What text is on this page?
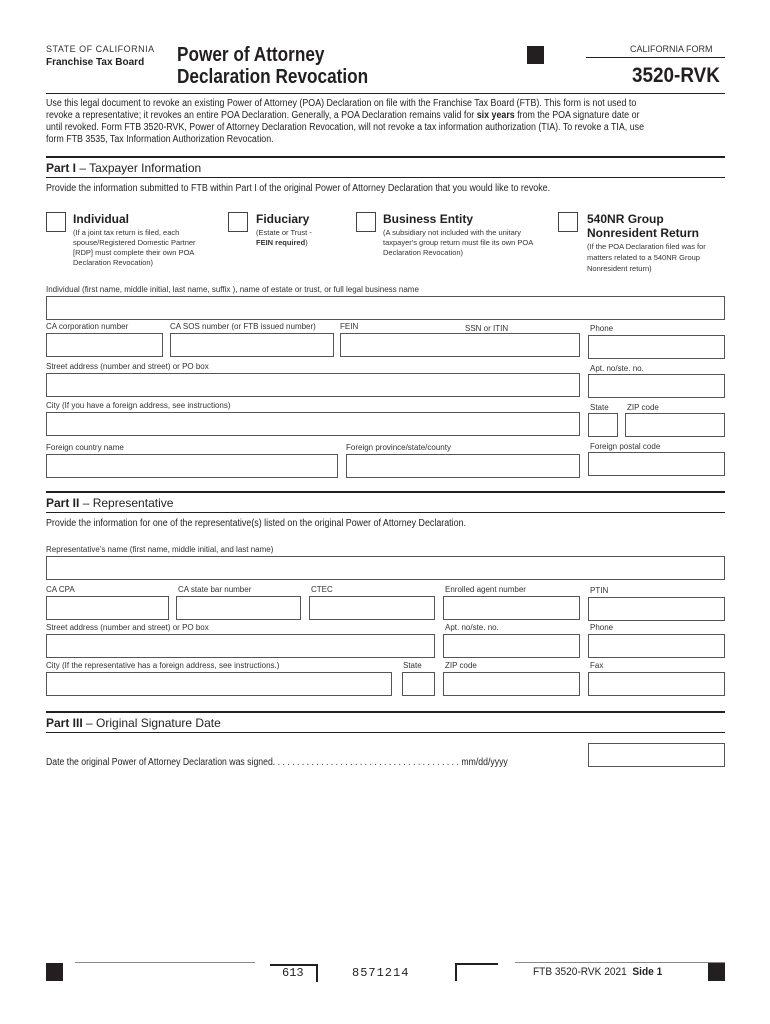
STATE OF CALIFORNIA
Franchise Tax Board Power of Attorney
Declaration Revocation
CALIFORNIA FORM
3520-RVK
Use this legal document to revoke an existing Power of Attorney (POA) Declaration on file with the Franchise Tax Board (FTB). This form is not used to
revoke a representative; it revokes an entire POA Declaration. Generally, a POA Declaration remains valid for six years from the POA signature date or
until revoked. Form FTB 3520-RVK, Power of Attorney Declaration Revocation, will not revoke a tax information authorization (TIA). To revoke a TIA, use
form FTB 3535, Tax Information Authorization Revocation.
Part I – Taxpayer Information
Provide the information submitted to FTB within Part I of the original Power of Attorney Declaration that you would like to revoke.
Individual
(If a joint tax return is filed, each spouse/Registered Domestic Partner [RDP] must complete their own POA Declaration Revocation)
Fiduciary
(Estate or Trust -
FEIN required)
Business Entity
(A subsidiary not included with the unitary taxpayer's group return must file its own POA Declaration Revocation)
540NR Group
Nonresident Return
(If the POA Declaration filed was for matters related to a 540NR Group Nonresident return)
Individual (first name, middle initial, last name, suffix ), name of estate or trust, or full legal business name
CA corporation number	CA SOS number (or FTB issued number)	FEIN	SSN or ITIN	Phone
Street address (number and street) or PO box	Apt. no/ste. no.
City (If you have a foreign address, see instructions)	State ZIP code
Foreign country name	Foreign province/state/county	Foreign postal code
Part II – Representative
Provide the information for one of the representative(s) listed on the original Power of Attorney Declaration.
Representative's name (first name, middle initial, and last name)
CA CPA	CA state bar number	CTEC	Enrolled agent number	PTIN
Street address (number and street) or PO box	Apt. no/ste. no.	Phone
City (If the representative has a foreign address, see instructions.)	State	ZIP code	Fax
Part III – Original Signature Date
Date the original Power of Attorney Declaration was signed. . . . . . . . . . . . . . . . . . . . . . . . . . . . . . . . . . . . . . . mm/dd/yyyy
613	8571214	FTB 3520-RVK 2021 Side 1
